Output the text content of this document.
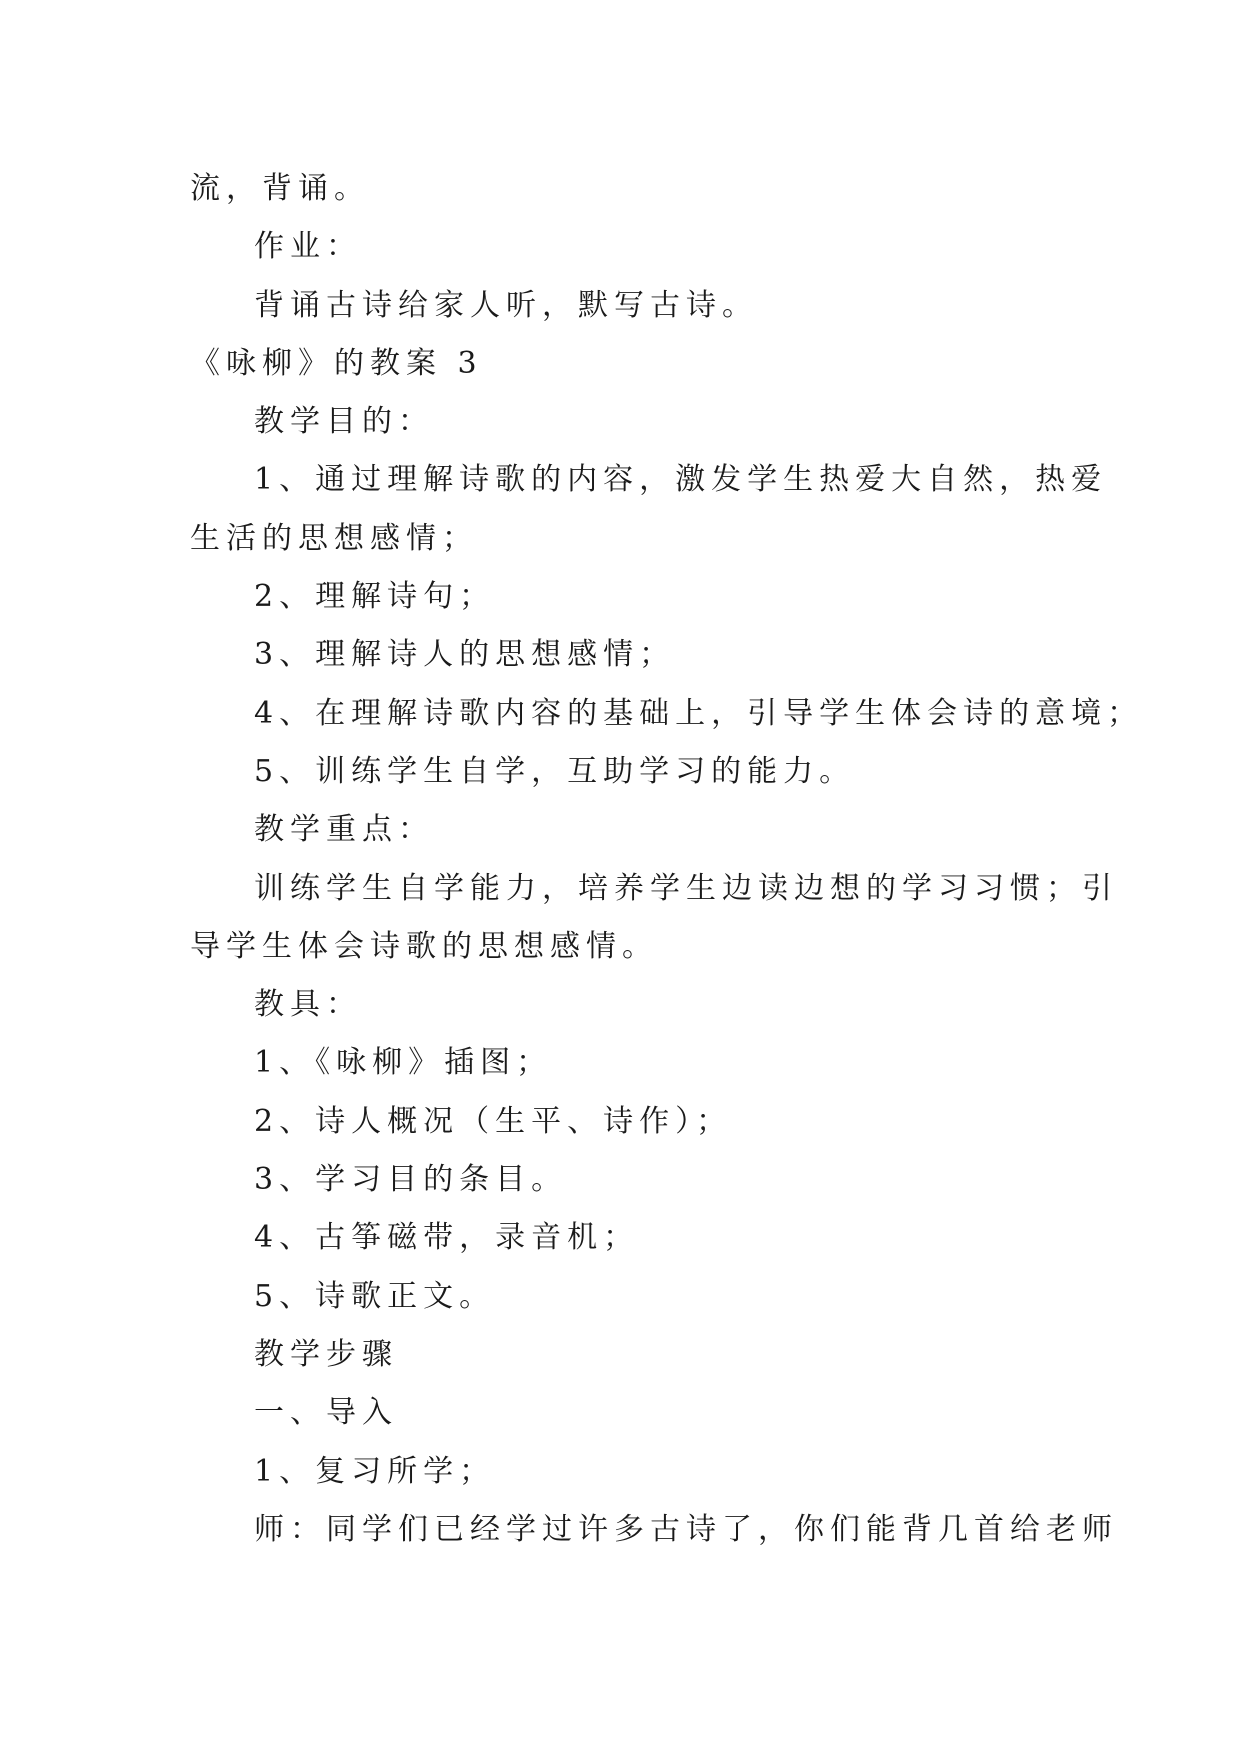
流，背诵。
作业：
背诵古诗给家人听，默写古诗。
《咏柳》的教案 3
教学目的：
1、通过理解诗歌的内容，激发学生热爱大自然，热爱
生活的思想感情；
2、理解诗句；
3、理解诗人的思想感情；
4、在理解诗歌内容的基础上，引导学生体会诗的意境；
5、训练学生自学，互助学习的能力。
教学重点：
训练学生自学能力，培养学生边读边想的学习习惯；引
导学生体会诗歌的思想感情。
教具：
1、《咏柳》插图；
2、诗人概况（生平、诗作）；
3、学习目的条目。
4、古筝磁带，录音机；
5、诗歌正文。
教学步骤
一、导入
1、复习所学；
师：同学们已经学过许多古诗了，你们能背几首给老师
